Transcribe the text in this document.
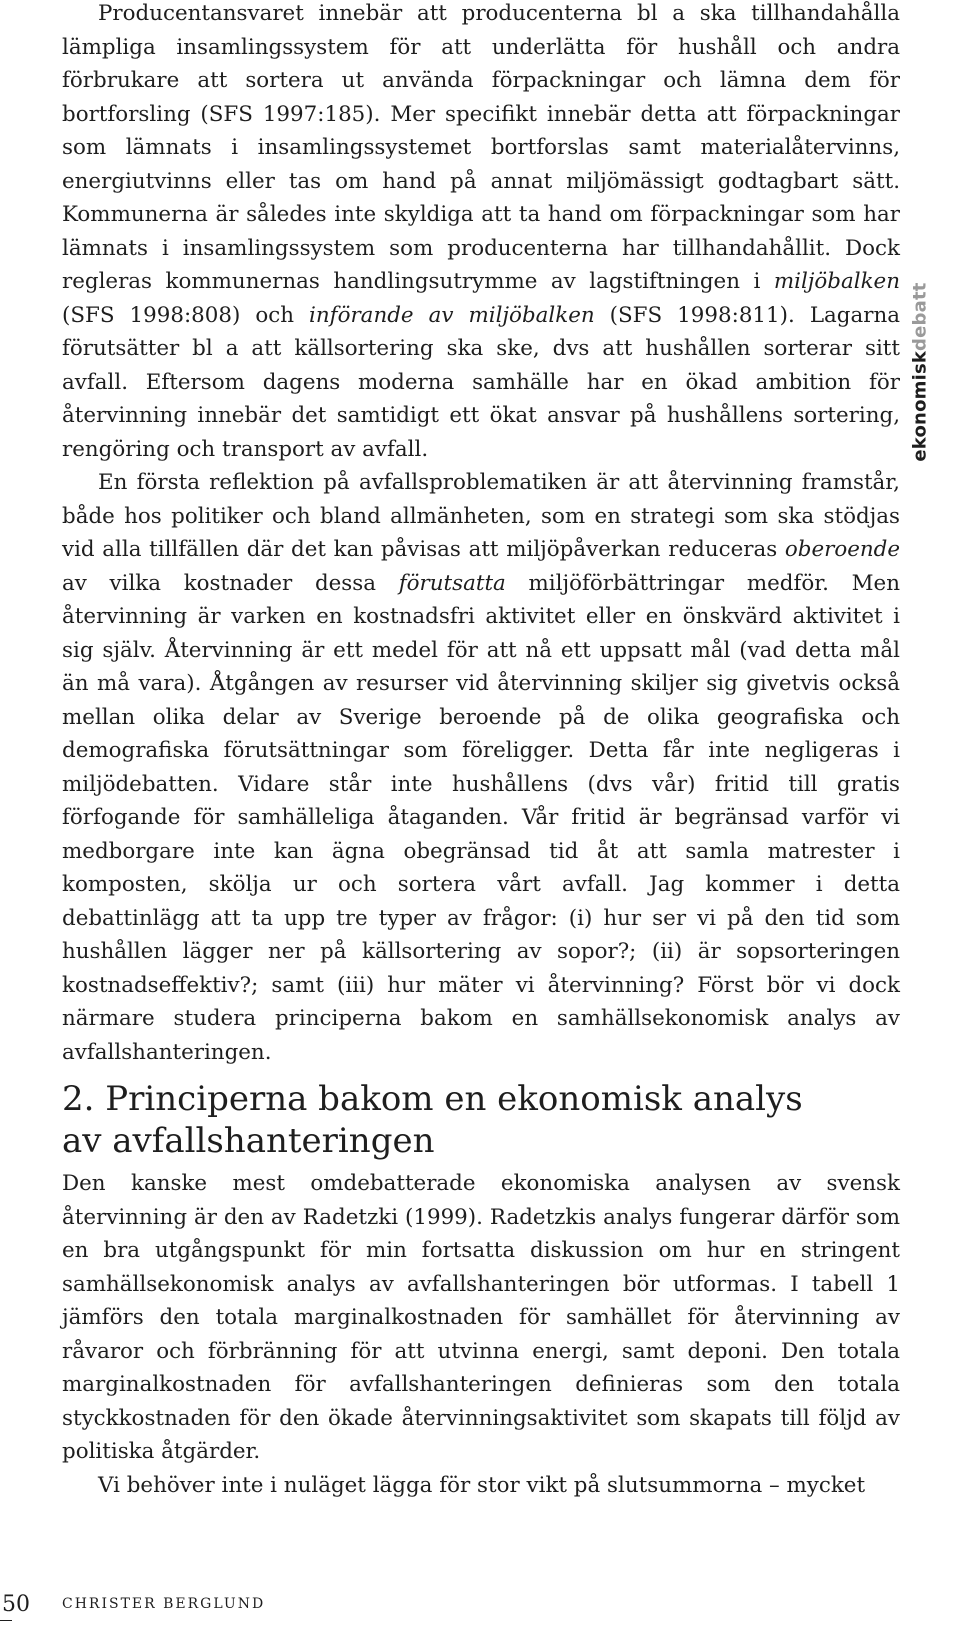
Producentansvaret innebär att producenterna bl a ska tillhandahålla lämpliga insamlingssystem för att underlätta för hushåll och andra förbrukare att sortera ut använda förpackningar och lämna dem för bortforsling (SFS 1997:185). Mer specifikt innebär detta att förpackningar som lämnats i insamlingssystemet bortforslas samt materialåtervinns, energiutvinns eller tas om hand på annat miljömässigt godtagbart sätt. Kommunerna är således inte skyldiga att ta hand om förpackningar som har lämnats i insamlingssystem som producenterna har tillhandahållit. Dock regleras kommunernas handlingsutrymme av lagstiftningen i miljöbalken (SFS 1998:808) och införande av miljöbalken (SFS 1998:811). Lagarna förutsätter bl a att källsortering ska ske, dvs att hushållen sorterar sitt avfall. Eftersom dagens moderna samhälle har en ökad ambition för återvinning innebär det samtidigt ett ökat ansvar på hushållens sortering, rengöring och transport av avfall.

En första reflektion på avfallsproblematiken är att återvinning framstår, både hos politiker och bland allmänheten, som en strategi som ska stödjas vid alla tillfällen där det kan påvisas att miljöpåverkan reduceras oberoende av vilka kostnader dessa förutsatta miljöförbättringar medför. Men återvinning är varken en kostnadsfri aktivitet eller en önskvärd aktivitet i sig själv. Återvinning är ett medel för att nå ett uppsatt mål (vad detta mål än må vara). Åtgången av resurser vid återvinning skiljer sig givetvis också mellan olika delar av Sverige beroende på de olika geografiska och demografiska förutsättningar som föreligger. Detta får inte negligeras i miljödebatten. Vidare står inte hushållens (dvs vår) fritid till gratis förfogande för samhälleliga åtaganden. Vår fritid är begränsad varför vi medborgare inte kan ägna obegränsad tid åt att samla matrester i komposten, skölja ur och sortera vårt avfall. Jag kommer i detta debattinlägg att ta upp tre typer av frågor: (i) hur ser vi på den tid som hushållen lägger ner på källsortering av sopor?; (ii) är sopsorteringen kostnadseffektiv?; samt (iii) hur mäter vi återvinning? Först bör vi dock närmare studera principerna bakom en samhällsekonomisk analys av avfallshanteringen.

2. Principerna bakom en ekonomisk analys av avfallshanteringen

Den kanske mest omdebatterade ekonomiska analysen av svensk återvinning är den av Radetzki (1999). Radetzkis analys fungerar därför som en bra utgångspunkt för min fortsatta diskussion om hur en stringent samhällsekonomisk analys av avfallshanteringen bör utformas. I tabell 1 jämförs den totala marginalkostnaden för samhället för återvinning av råvaror och förbränning för att utvinna energi, samt deponi. Den totala marginalkostnaden för avfallshanteringen definieras som den totala styckkostnaden för den ökade återvinningsaktivitet som skapats till följd av politiska åtgärder.

Vi behöver inte i nuläget lägga för stor vikt på slutsummorna – mycket

ekonomiskdebatt
50 CHRISTER BERGLUND
